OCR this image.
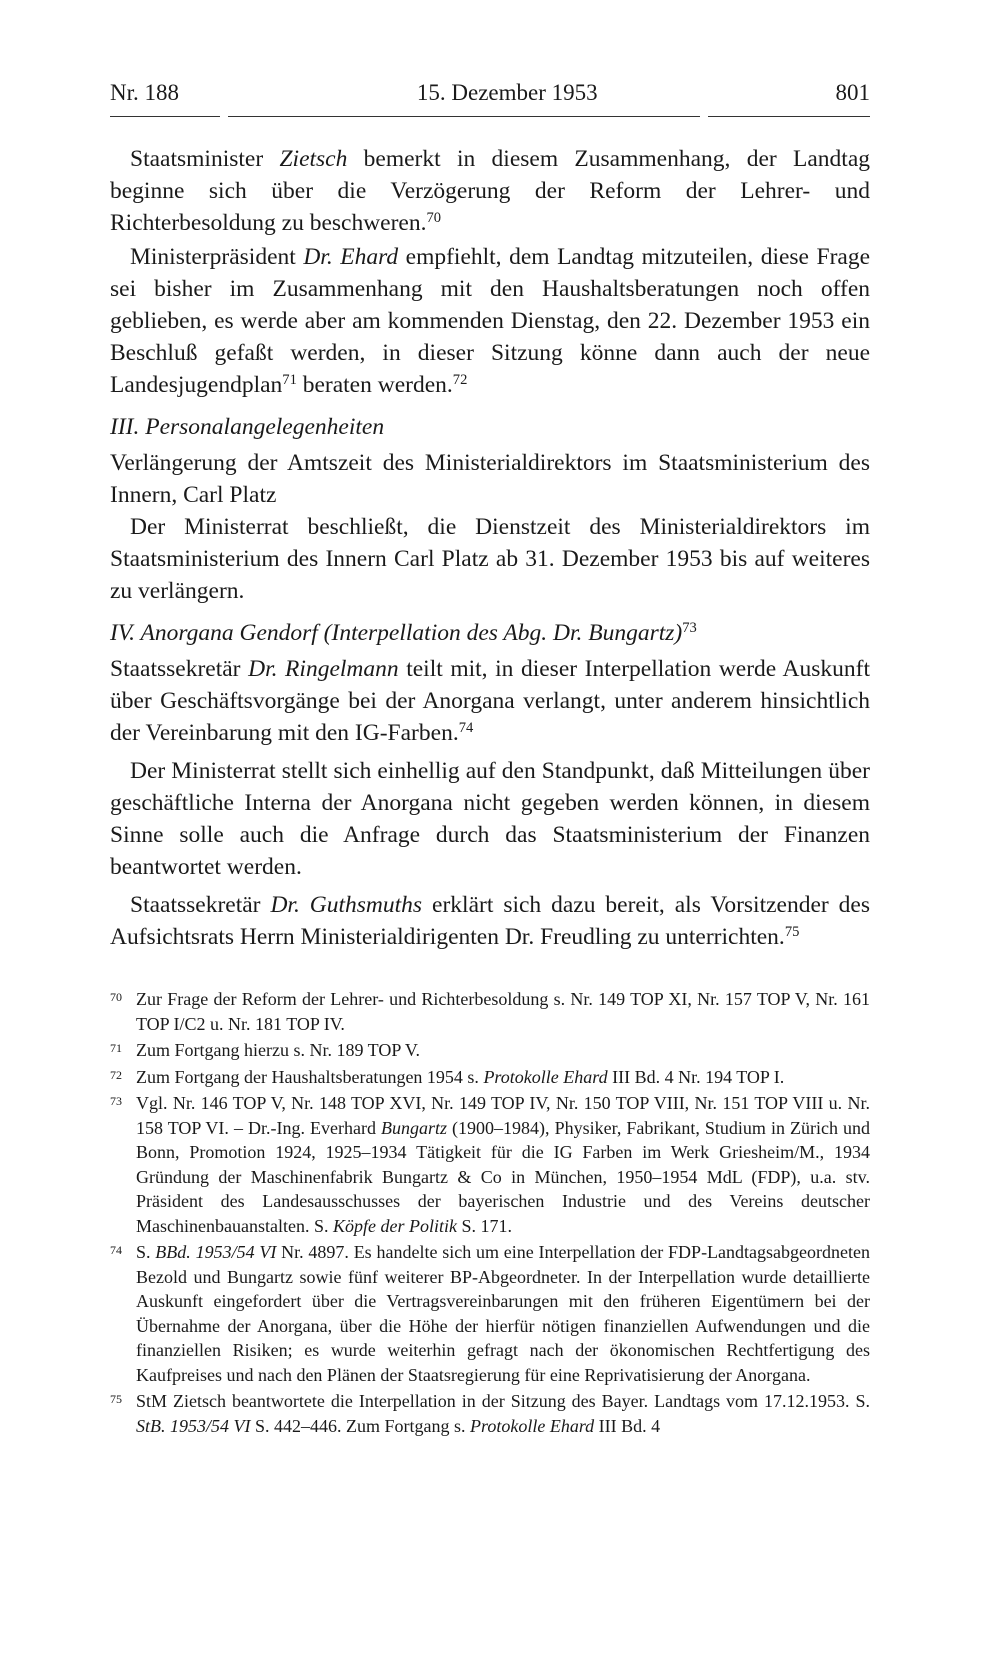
Nr. 188	15. Dezember 1953	801

Staatsminister Zietsch bemerkt in diesem Zusammenhang, der Landtag beginne sich über die Verzögerung der Reform der Lehrer- und Richterbesoldung zu beschweren.$^{70}$

Ministerpräsident Dr. Ehard empfiehlt, dem Landtag mitzuteilen, diese Frage sei bisher im Zusammenhang mit den Haushaltsberatungen noch offen geblieben, es werde aber am kommenden Dienstag, den 22. Dezember 1953 ein Beschluß gefaßt werden, in dieser Sitzung könne dann auch der neue Landesjugendplan$^{71}$ beraten werden.$^{72}$

III. Personalangelegenheiten

Verlängerung der Amtszeit des Ministerialdirektors im Staatsministerium des Innern, Carl Platz

Der Ministerrat beschließt, die Dienstzeit des Ministerialdirektors im Staatsministerium des Innern Carl Platz ab 31. Dezember 1953 bis auf weiteres zu verlängern.

IV. Anorgana Gendorf (Interpellation des Abg. Dr. Bungartz)$^{73}$

Staatssekretär Dr. Ringelmann teilt mit, in dieser Interpellation werde Auskunft über Geschäftsvorgänge bei der Anorgana verlangt, unter anderem hinsichtlich der Vereinbarung mit den IG-Farben.$^{74}$

Der Ministerrat stellt sich einhellig auf den Standpunkt, daß Mitteilungen über geschäftliche Interna der Anorgana nicht gegeben werden können, in diesem Sinne solle auch die Anfrage durch das Staatsministerium der Finanzen beantwortet werden.

Staatssekretär Dr. Guthsmuths erklärt sich dazu bereit, als Vorsitzender des Aufsichtsrats Herrn Ministerialdirigenten Dr. Freudling zu unterrichten.$^{75}$

70 Zur Frage der Reform der Lehrer- und Richterbesoldung s. Nr. 149 TOP XI, Nr. 157 TOP V, Nr. 161 TOP I/C2 u. Nr. 181 TOP IV.
71 Zum Fortgang hierzu s. Nr. 189 TOP V.
72 Zum Fortgang der Haushaltsberatungen 1954 s. Protokolle Ehard III Bd. 4 Nr. 194 TOP I.
73 Vgl. Nr. 146 TOP V, Nr. 148 TOP XVI, Nr. 149 TOP IV, Nr. 150 TOP VIII, Nr. 151 TOP VIII u. Nr. 158 TOP VI. – Dr.-Ing. Everhard Bungartz (1900–1984), Physiker, Fabrikant, Studium in Zürich und Bonn, Promotion 1924, 1925–1934 Tätigkeit für die IG Farben im Werk Griesheim/M., 1934 Gründung der Maschinenfabrik Bungartz & Co in München, 1950–1954 MdL (FDP), u.a. stv. Präsident des Landesausschusses der bayerischen Industrie und des Vereins deutscher Maschinenbauanstalten. S. Köpfe der Politik S. 171.
74 S. BBd. 1953/54 VI Nr. 4897. Es handelte sich um eine Interpellation der FDP-Landtagsabgeordneten Bezold und Bungartz sowie fünf weiterer BP-Abgeordneter. In der Interpellation wurde detaillierte Auskunft eingefordert über die Vertragsvereinbarungen mit den früheren Eigentümern bei der Übernahme der Anorgana, über die Höhe der hierfür nötigen finanziellen Aufwendungen und die finanziellen Risiken; es wurde weiterhin gefragt nach der ökonomischen Rechtfertigung des Kaufpreises und nach den Plänen der Staatsregierung für eine Reprivatisierung der Anorgana.
75 StM Zietsch beantwortete die Interpellation in der Sitzung des Bayer. Landtags vom 17.12.1953. S. StB. 1953/54 VI S. 442–446. Zum Fortgang s. Protokolle Ehard III Bd. 4
